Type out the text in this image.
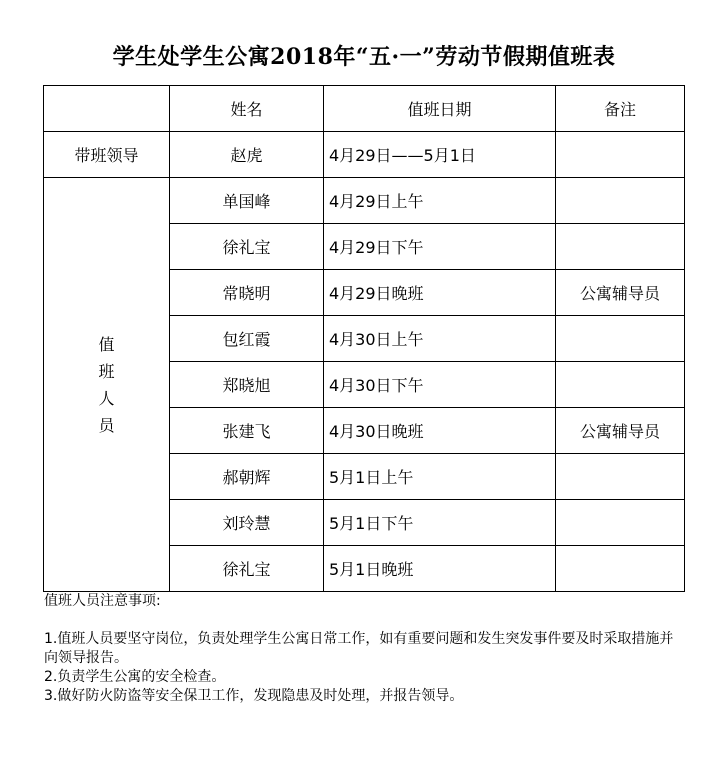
学生处学生公寓2018年“五·一”劳动节假期值班表
	姓名	值班日期	备注
带班领导	赵虎	4月29日——5月1日	

值
班
人
员	单国峰	4月29日上午	
	徐礼宝	4月29日下午	
	常晓明	4月29日晚班	公寓辅导员
	包红霞	4月30日上午	
	郑晓旭	4月30日下午	
	张建飞	4月30日晚班	公寓辅导员
	郝朝辉	5月1日上午	
	刘玲慧	5月1日下午	
	徐礼宝	5月1日晚班	

值班人员注意事项:

1.值班人员要坚守岗位，负责处理学生公寓日常工作，如有重要问题和发生突发事件要及时采取措施并向领导报告。

2.负责学生公寓的安全检查。

3.做好防火防盗等安全保卫工作，发现隐患及时处理，并报告领导。
